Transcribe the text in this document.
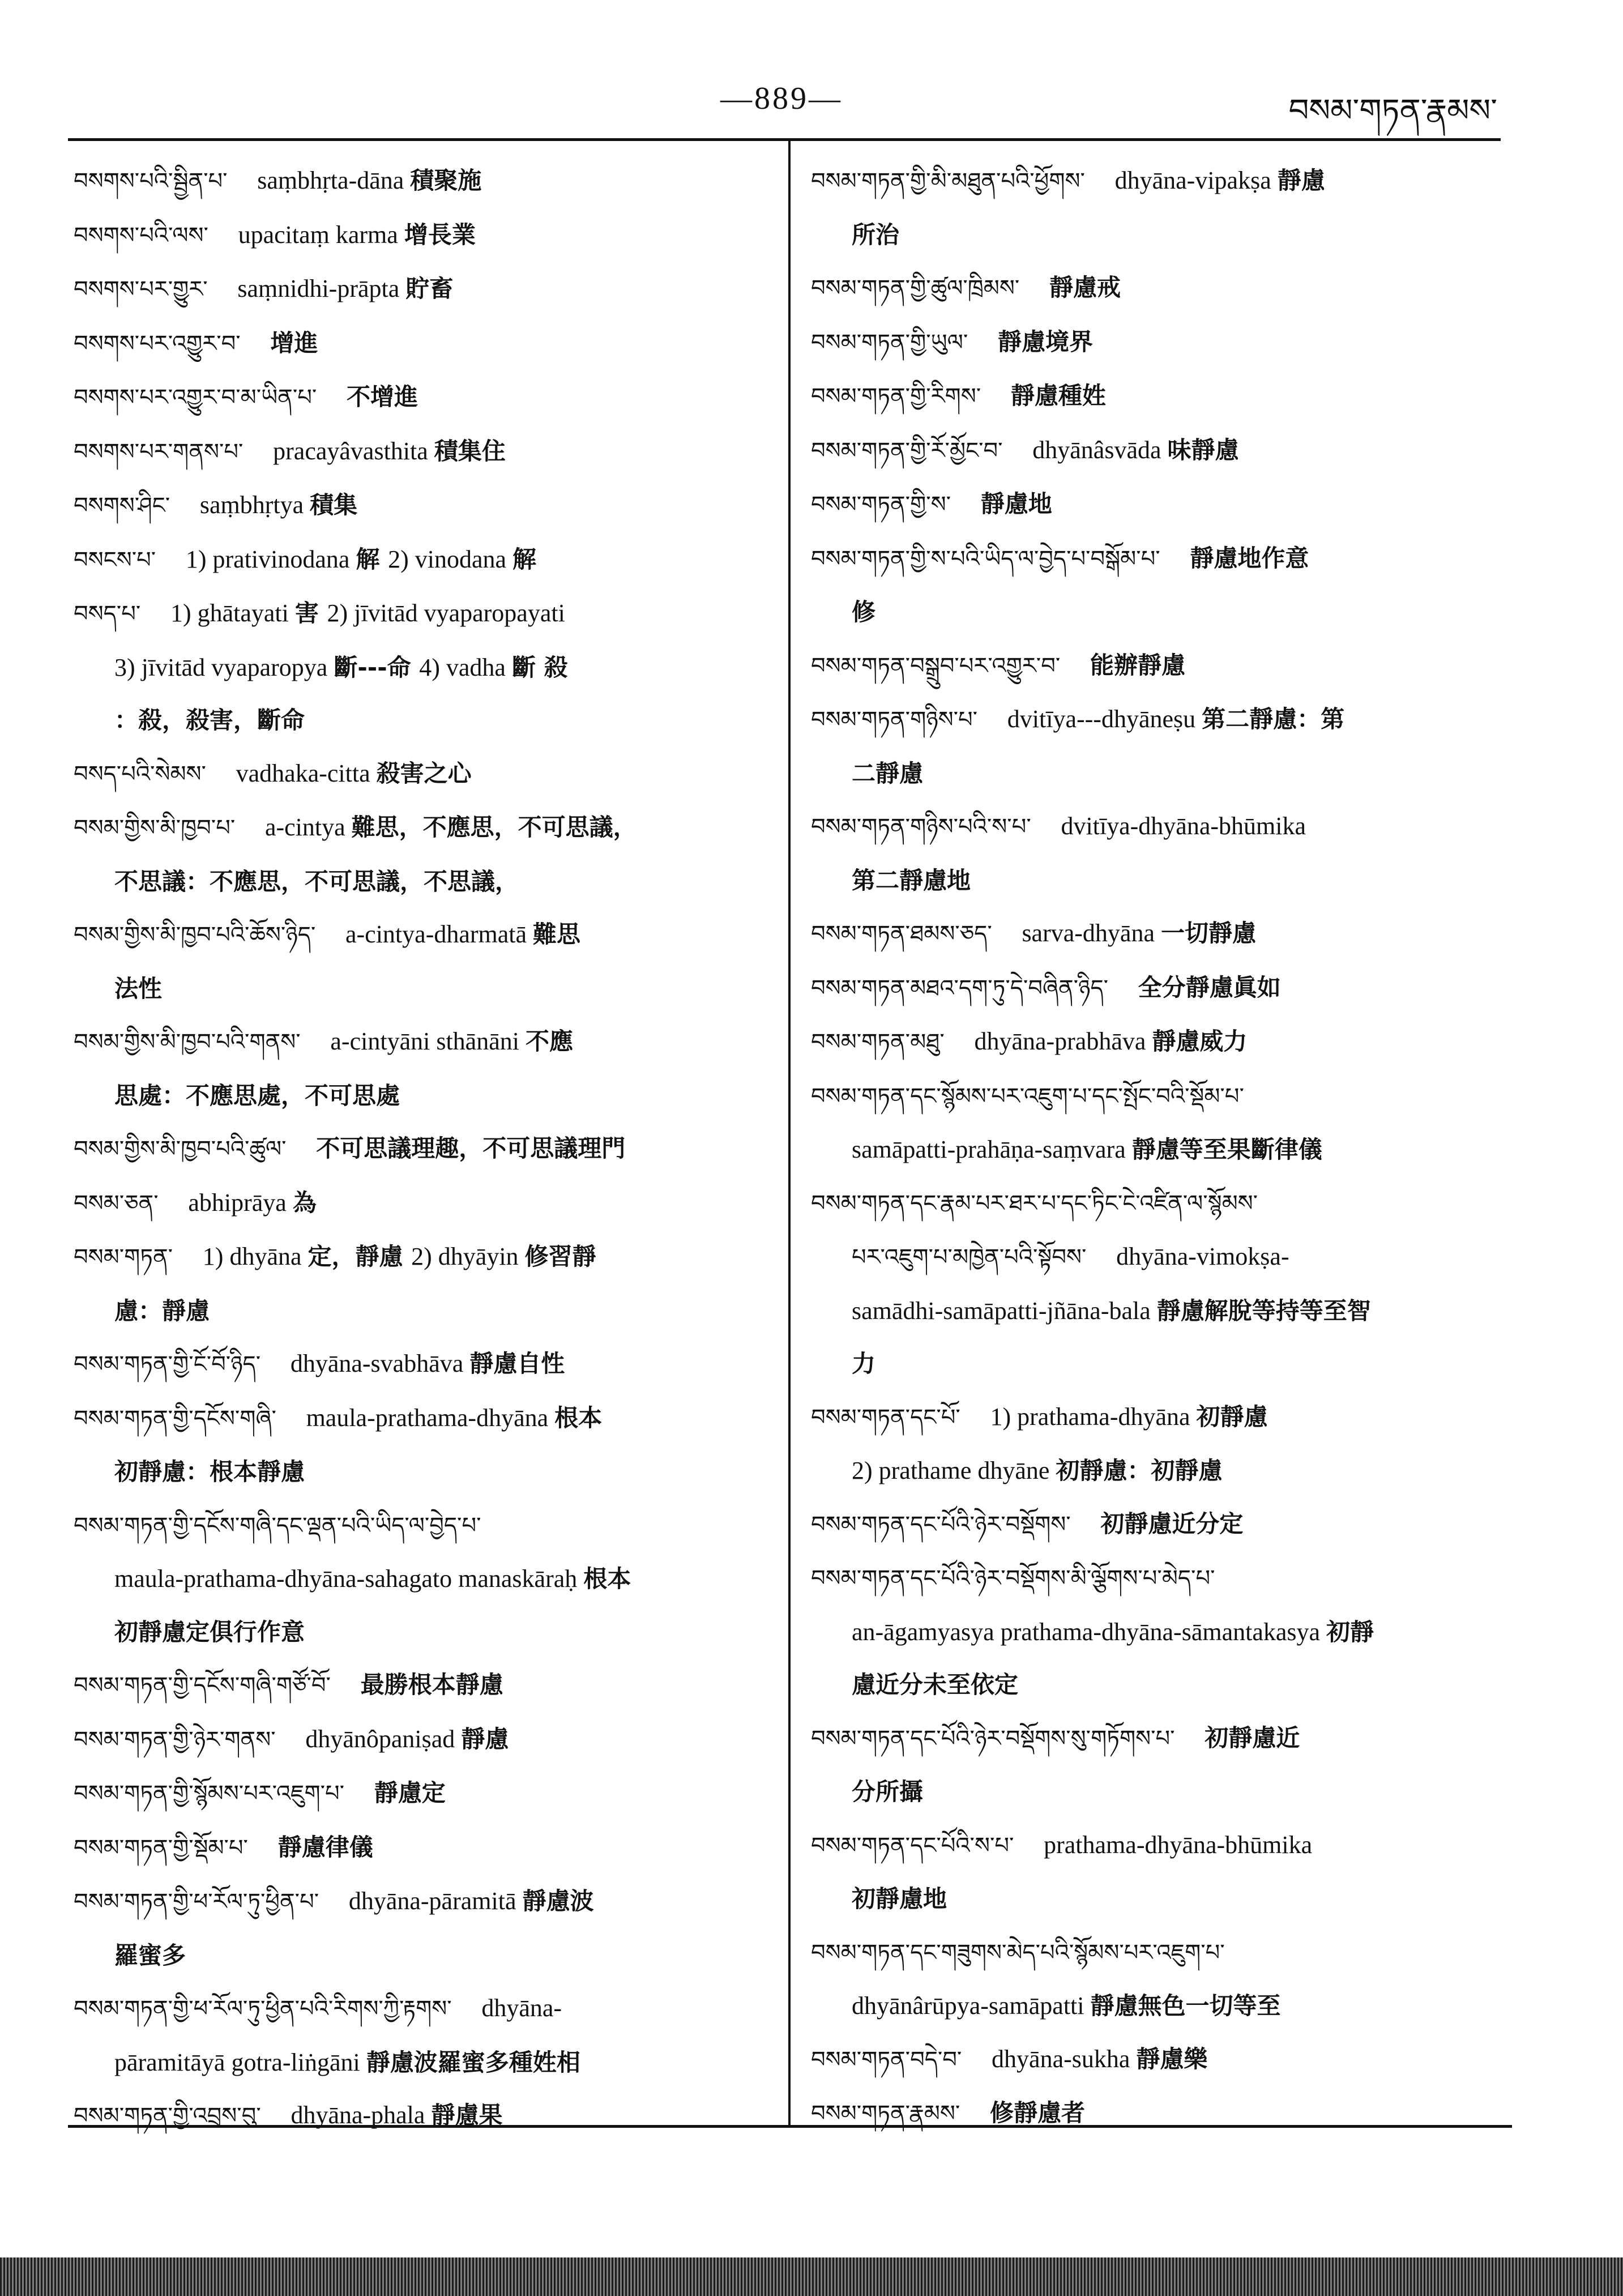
—889—	བསམ་གཏན་རྣམས་
བསགས་པའི་སྦྱིན་པ་ saṃbhṛta-dāna 積聚施
བསགས་པའི་ལས་ upacitaṃ karma 增長業
བསགས་པར་གྱུར་ saṃnidhi-prāpta 貯畜
བསགས་པར་འགྱུར་བ་ 增進
བསགས་པར་འགྱུར་བ་མ་ཡིན་པ་ 不增進
བསགས་པར་གནས་པ་ pracayâvasthita 積集住
བསགས་ཤིང་ saṃbhṛtya 積集
བསངས་པ་ 1) prativinodana 解 2) vinodana 解
བསད་པ་ 1) ghātayati 害 2) jīvitād vyaparopayati
3) jīvitād vyaparopya 斷---命 4) vadha 斷 殺
：殺，殺害，斷命
བསད་པའི་སེམས་ vadhaka-citta 殺害之心
བསམ་གྱིས་མི་ཁྱབ་པ་ a-cintya 難思，不應思，不可思議，
不思議：不應思，不可思議，不思議，
བསམ་གྱིས་མི་ཁྱབ་པའི་ཆོས་ཉིད་ a-cintya-dharmatā 難思
法性
བསམ་གྱིས་མི་ཁྱབ་པའི་གནས་ a-cintyāni sthānāni 不應
思處：不應思處，不可思處
བསམ་གྱིས་མི་ཁྱབ་པའི་ཚུལ་ 不可思議理趣，不可思議理門
བསམ་ཅན་ abhiprāya 為
བསམ་གཏན་ 1) dhyāna 定，靜慮 2) dhyāyin 修習靜
慮：靜慮
བསམ་གཏན་གྱི་ངོ་བོ་ཉིད་ dhyāna-svabhāva 靜慮自性
བསམ་གཏན་གྱི་དངོས་གཞི་ maula-prathama-dhyāna 根本
初靜慮：根本靜慮
བསམ་གཏན་གྱི་དངོས་གཞི་དང་ལྡན་པའི་ཡིད་ལ་བྱེད་པ་
maula-prathama-dhyāna-sahagato manaskāraḥ 根本
初靜慮定俱行作意
བསམ་གཏན་གྱི་དངོས་གཞི་གཙོ་བོ་ 最勝根本靜慮
བསམ་གཏན་གྱི་ཉེར་གནས་ dhyānôpaniṣad 靜慮
བསམ་གཏན་གྱི་སྙོམས་པར་འཇུག་པ་ 靜慮定
བསམ་གཏན་གྱི་སྡོམ་པ་ 靜慮律儀
བསམ་གཏན་གྱི་ཕ་རོལ་ཏུ་ཕྱིན་པ་ dhyāna-pāramitā 靜慮波
羅蜜多
བསམ་གཏན་གྱི་ཕ་རོལ་ཏུ་ཕྱིན་པའི་རིགས་ཀྱི་རྟགས་ dhyāna-
pāramitāyā gotra-liṅgāni 靜慮波羅蜜多種姓相
བསམ་གཏན་གྱི་འབྲས་བུ་ dhyāna-phala 靜慮果
བསམ་གཏན་གྱི་མི་མཐུན་པའི་ཕྱོགས་ dhyāna-vipakṣa 靜慮
所治
བསམ་གཏན་གྱི་ཚུལ་ཁྲིམས་ 靜慮戒
བསམ་གཏན་གྱི་ཡུལ་ 靜慮境界
བསམ་གཏན་གྱི་རིགས་ 靜慮種姓
བསམ་གཏན་གྱི་རོ་མྱོང་བ་ dhyānâsvāda 味靜慮
བསམ་གཏན་གྱི་ས་ 靜慮地
བསམ་གཏན་གྱི་ས་པའི་ཡིད་ལ་བྱེད་པ་བསྒོམ་པ་ 靜慮地作意
修
བསམ་གཏན་བསྒྲུབ་པར་འགྱུར་བ་ 能辦靜慮
བསམ་གཏན་གཉིས་པ་ dvitīya---dhyāneṣu 第二靜慮：第
二靜慮
བསམ་གཏན་གཉིས་པའི་ས་པ་ dvitīya-dhyāna-bhūmika
第二靜慮地
བསམ་གཏན་ཐམས་ཅད་ sarva-dhyāna 一切靜慮
བསམ་གཏན་མཐའ་དག་ཏུ་དེ་བཞིན་ཉིད་ 全分靜慮眞如
བསམ་གཏན་མཐུ་ dhyāna-prabhāva 靜慮威力
བསམ་གཏན་དང་སྙོམས་པར་འཇུག་པ་དང་སྤོང་བའི་སྡོམ་པ་
samāpatti-prahāṇa-saṃvara 靜慮等至果斷律儀
བསམ་གཏན་དང་རྣམ་པར་ཐར་པ་དང་ཏིང་ངེ་འཛིན་ལ་སྙོམས་
པར་འཇུག་པ་མཁྱེན་པའི་སྟོབས་ dhyāna-vimokṣa-
samādhi-samāpatti-jñāna-bala 靜慮解脫等持等至智
力
བསམ་གཏན་དང་པོ་ 1) prathama-dhyāna 初靜慮
2) prathame dhyāne 初靜慮：初靜慮
བསམ་གཏན་དང་པོའི་ཉེར་བསྡོགས་ 初靜慮近分定
བསམ་གཏན་དང་པོའི་ཉེར་བསྡོགས་མི་ལྕོགས་པ་མེད་པ་
an-āgamyasya prathama-dhyāna-sāmantakasya 初靜
慮近分未至依定
བསམ་གཏན་དང་པོའི་ཉེར་བསྡོགས་སུ་གཏོགས་པ་ 初靜慮近
分所攝
བསམ་གཏན་དང་པོའི་ས་པ་ prathama-dhyāna-bhūmika
初靜慮地
བསམ་གཏན་དང་གཟུགས་མེད་པའི་སྙོམས་པར་འཇུག་པ་
dhyānârūpya-samāpatti 靜慮無色一切等至
བསམ་གཏན་བདེ་བ་ dhyāna-sukha 靜慮樂
བསམ་གཏན་རྣམས་ 修靜慮者
